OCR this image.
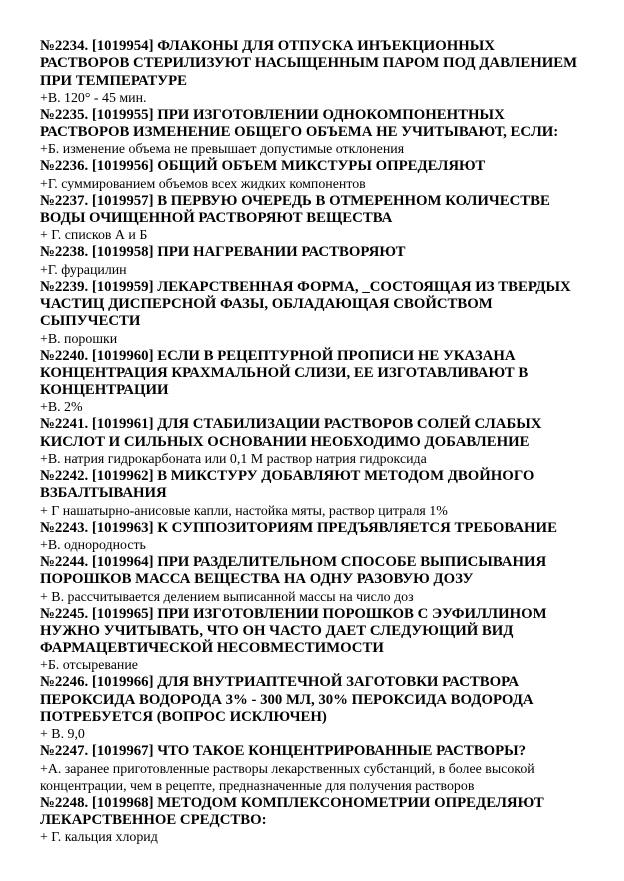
№2234. [1019954] ФЛАКОНЫ ДЛЯ ОТПУСКА ИНЪЕКЦИОННЫХ РАСТВОРОВ СТЕРИЛИЗУЮТ НАСЫЩЕННЫМ ПАРОМ ПОД ДАВЛЕНИЕМ ПРИ ТЕМПЕРАТУРЕ

+В. 120° - 45 мин.

№2235. [1019955] ПРИ ИЗГОТОВЛЕНИИ ОДНОКОМПОНЕНТНЫХ РАСТВОРОВ ИЗМЕНЕНИЕ ОБЩЕГО ОБЪЕМА НЕ УЧИТЫВАЮТ, ЕСЛИ:

+Б. изменение объема не превышает допустимые отклонения

№2236. [1019956] ОБЩИЙ ОБЪЕМ МИКСТУРЫ ОПРЕДЕЛЯЮТ

+Г. суммированием объемов всех жидких компонентов

№2237. [1019957] В ПЕРВУЮ ОЧЕРЕДЬ В ОТМЕРЕННОМ КОЛИЧЕСТВЕ ВОДЫ ОЧИЩЕННОЙ РАСТВОРЯЮТ ВЕЩЕСТВА

+ Г. списков А и Б

№2238. [1019958] ПРИ НАГРЕВАНИИ РАСТВОРЯЮТ

+Г. фурацилин

№2239. [1019959] ЛЕКАРСТВЕННАЯ ФОРМА, _СОСТОЯЩАЯ ИЗ ТВЕРДЫХ ЧАСТИЦ ДИСПЕРСНОЙ ФАЗЫ, ОБЛАДАЮЩАЯ СВОЙСТВОМ СЫПУЧЕСТИ

+В. порошки

№2240. [1019960] ЕСЛИ В РЕЦЕПТУРНОЙ ПРОПИСИ НЕ УКАЗАНА КОНЦЕНТРАЦИЯ КРАХМАЛЬНОЙ СЛИЗИ, ЕЕ ИЗГОТАВЛИВАЮТ В КОНЦЕНТРАЦИИ

+В. 2%

№2241. [1019961] ДЛЯ СТАБИЛИЗАЦИИ РАСТВОРОВ СОЛЕЙ СЛАБЫХ КИСЛОТ И СИЛЬНЫХ ОСНОВАНИИ НЕОБХОДИМО ДОБАВЛЕНИЕ

+В. натрия гидрокарбоната или 0,1 М раствор натрия гидроксида

№2242. [1019962] В МИКСТУРУ ДОБАВЛЯЮТ МЕТОДОМ ДВОЙНОГО ВЗБАЛТЫВАНИЯ

+ Г нашатырно-анисовые капли, настойка мяты, раствор цитраля 1%

№2243. [1019963] К СУППОЗИТОРИЯМ ПРЕДЪЯВЛЯЕТСЯ ТРЕБОВАНИЕ

+В. однородность

№2244. [1019964] ПРИ РАЗДЕЛИТЕЛЬНОМ СПОСОБЕ ВЫПИСЫВАНИЯ ПОРОШКОВ МАССА ВЕЩЕСТВА НА ОДНУ РАЗОВУЮ ДОЗУ

+ В. рассчитывается делением выписанной массы на число доз

№2245. [1019965] ПРИ ИЗГОТОВЛЕНИИ ПОРОШКОВ С ЭУФИЛЛИНОМ НУЖНО УЧИТЫВАТЬ, ЧТО ОН ЧАСТО ДАЕТ СЛЕДУЮЩИЙ ВИД ФАРМАЦЕВТИЧЕСКОЙ НЕСОВМЕСТИМОСТИ

+Б. отсыревание

№2246. [1019966] ДЛЯ ВНУТРИАПТЕЧНОЙ ЗАГОТОВКИ РАСТВОРА ПЕРОКСИДА ВОДОРОДА 3% - 300 МЛ, 30% ПЕРОКСИДА ВОДОРОДА ПОТРЕБУЕТСЯ (ВОПРОС ИСКЛЮЧЕН)

+ В. 9,0

№2247. [1019967] ЧТО ТАКОЕ КОНЦЕНТРИРОВАННЫЕ РАСТВОРЫ?

+А. заранее приготовленные растворы лекарственных субстанций, в более высокой концентрации, чем в рецепте, предназначенные для получения растворов

№2248. [1019968] МЕТОДОМ КОМПЛЕКСОНОМЕТРИИ ОПРЕДЕЛЯЮТ ЛЕКАРСТВЕННОЕ СРЕДСТВО:

+ Г. кальция хлорид
